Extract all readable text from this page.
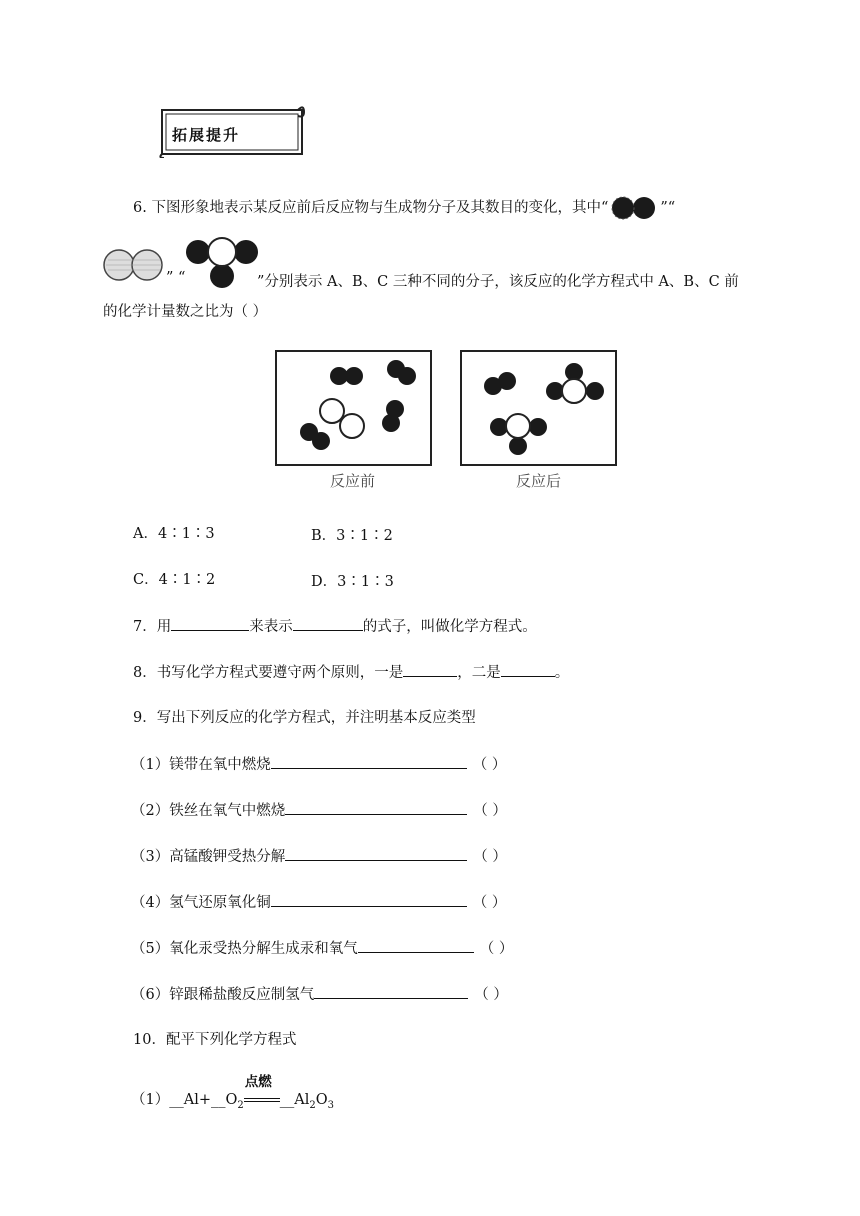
拓展提升
6. 下图形象地表示某反应前后反应物与生成物分子及其数目的变化，其中“	”“
” “	”分别表示 A、B、C 三种不同的分子，该反应的化学方程式中 A、B、C 前
的化学计量数之比为（ ）
反应前	反应后
A．4∶1∶3	B．3∶1∶2
C．4∶1∶2	D．3∶1∶3
7．用	来表示	的式子，叫做化学方程式。
8．书写化学方程式要遵守两个原则，一是	，二是	。
9．写出下列反应的化学方程式，并注明基本反应类型
（1）镁带在氧中燃烧	（ ）
（2）铁丝在氧气中燃烧	（ ）
（3）高锰酸钾受热分解	（ ）
（4）氢气还原氧化铜	（ ）
（5）氧化汞受热分解生成汞和氧气	（ ）
（6）锌跟稀盐酸反应制氢气	（ ）
10．配平下列化学方程式
$(1)\_\_Al+\_\_O_2$
点燃
$\_\_Al_2O_3$
